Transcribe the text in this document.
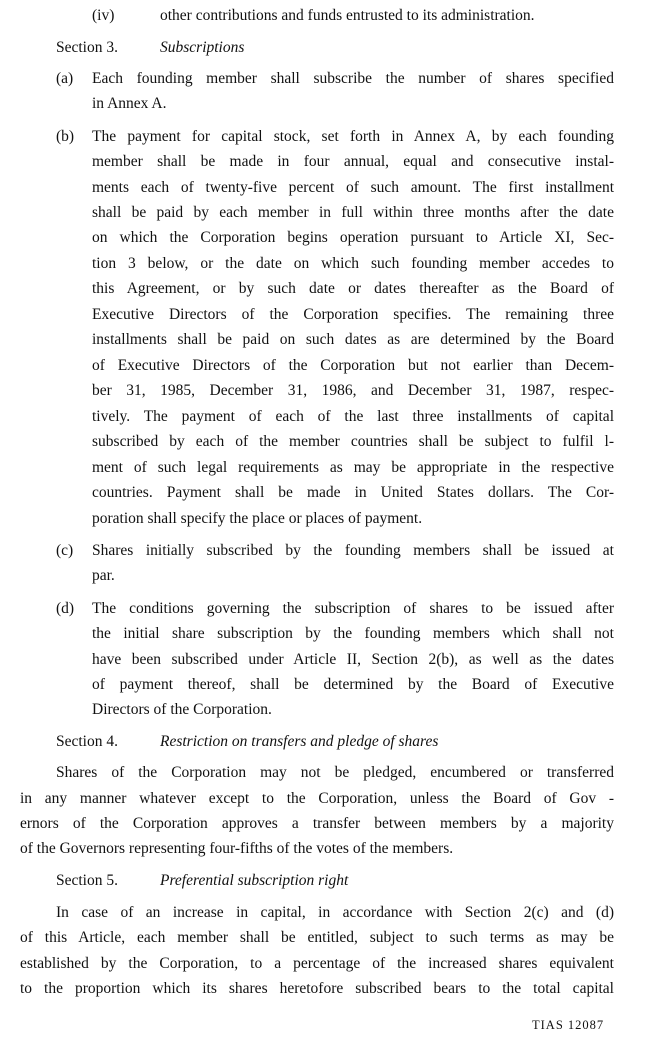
(iv)	other contributions and funds entrusted to its administration.
Section 3.	Subscriptions
(a) Each founding member shall subscribe the number of shares specified
in Annex A.
(b) The payment for capital stock, set forth in Annex A, by each founding
member shall be made in four annual, equal and consecutive instal-
ments each of twenty-five percent of such amount. The first installment
shall be paid by each member in full within three months after the date
on which the Corporation begins operation pursuant to Article XI, Sec-
tion 3 below, or the date on which such founding member accedes to
this Agreement, or by such date or dates thereafter as the Board of
Executive Directors of the Corporation specifies. The remaining three
installments shall be paid on such dates as are determined by the Board
of Executive Directors of the Corporation but not earlier than Decem-
ber 31, 1985, December 31, 1986, and December 31, 1987, respec-
tively. The payment of each of the last three installments of capital
subscribed by each of the member countries shall be subject to fulfil l-
ment of such legal requirements as may be appropriate in the respective
countries. Payment shall be made in United States dollars. The Cor-
poration shall specify the place or places of payment.
(c) Shares initially subscribed by the founding members shall be issued at
par.
(d) The conditions governing the subscription of shares to be issued after
the initial share subscription by the founding members which shall not
have been subscribed under Article II, Section 2(b), as well as the dates
of payment thereof, shall be determined by the Board of Executive
Directors of the Corporation.
Section 4.	Restriction on transfers and pledge of shares
Shares of the Corporation may not be pledged, encumbered or transferred
in any manner whatever except to the Corporation, unless the Board of Gov -
ernors of the Corporation approves a transfer between members by a majority
of the Governors representing four-fifths of the votes of the members.
Section 5.	Preferential subscription right
In case of an increase in capital, in accordance with Section 2(c) and (d)
of this Article, each member shall be entitled, subject to such terms as may be
established by the Corporation, to a percentage of the increased shares equivalent
to the proportion which its shares heretofore subscribed bears to the total capital
TIAS 12087
